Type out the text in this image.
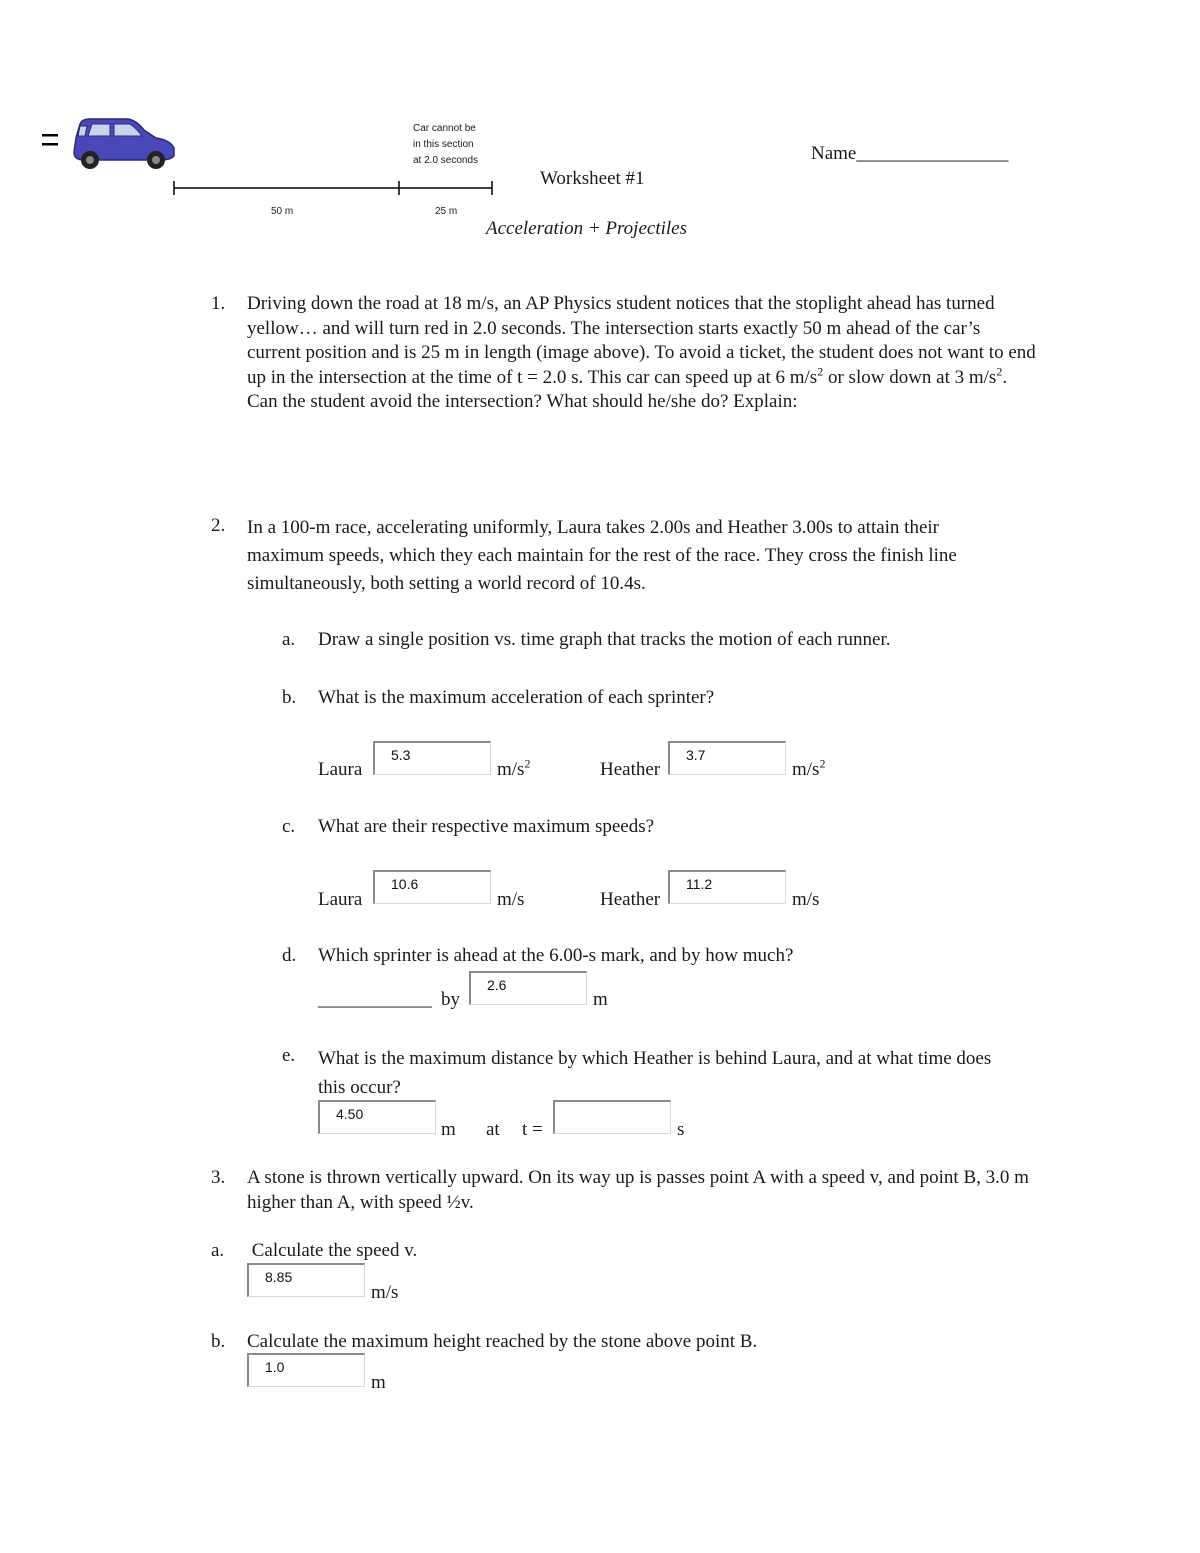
50 m	25 m
Car cannot be
in this section
at 2.0 seconds
Worksheet #1
Acceleration + Projectiles
Name________________
1. Driving down the road at 18 m/s, an AP Physics student notices that the stoplight ahead has turned yellow… and will turn red in 2.0 seconds. The intersection starts exactly 50 m ahead of the car’s current position and is 25 m in length (image above). To avoid a ticket, the student does not want to end up in the intersection at the time of t = 2.0 s. This car can speed up at 6 $m/s^2$ or slow down at 3 $m/s^2$. Can the student avoid the intersection? What should he/she do? Explain:
2. In a 100-m race, accelerating uniformly, Laura takes 2.00s and Heather 3.00s to attain their maximum speeds, which they each maintain for the rest of the race. They cross the finish line simultaneously, both setting a world record of 10.4s.
a. Draw a single position vs. time graph that tracks the motion of each runner.
b. What is the maximum acceleration of each sprinter?
Laura
5.3
$m/s^2$	Heather
3.7
$m/s^2$
c. What are their respective maximum speeds?
Laura
10.6
m/s	Heather
11.2
m/s
d. Which sprinter is ahead at the 6.00-s mark, and by how much?
____________ by
2.6
m
e. What is the maximum distance by which Heather is behind Laura, and at what time does this occur?
4.50
m at t =	s
3. A stone is thrown vertically upward. On its way up is passes point A with a speed v, and point B, 3.0 m higher than A, with speed ½v.
a. Calculate the speed v.
8.85
m/s
b. Calculate the maximum height reached by the stone above point B.
1.0
m
